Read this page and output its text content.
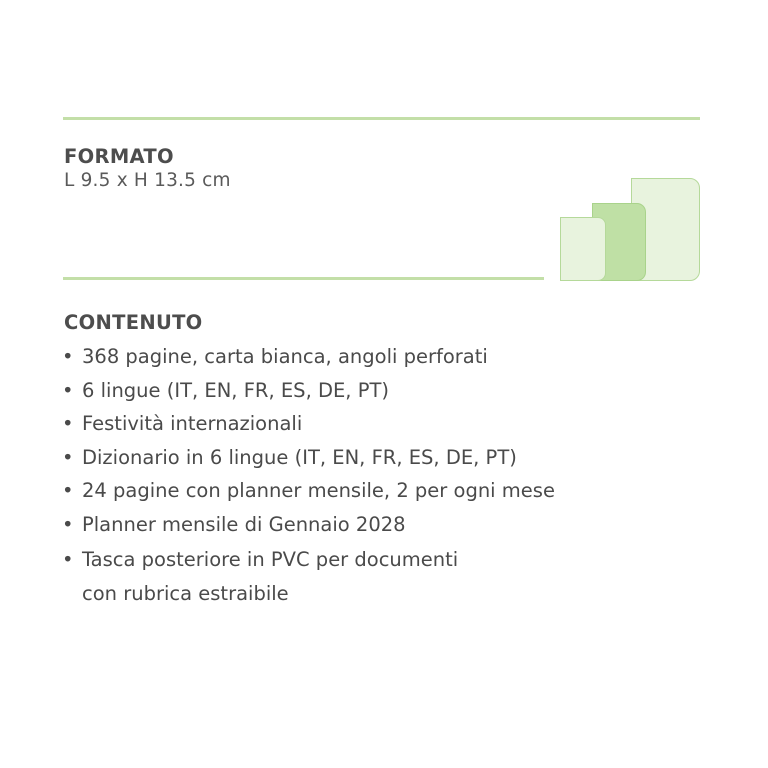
FORMATO

L 9.5 x H 13.5 cm

CONTENUTO
• 368 pagine, carta bianca, angoli perforati
• 6 lingue (IT, EN, FR, ES, DE, PT)
• Festività internazionali
• Dizionario in 6 lingue (IT, EN, FR, ES, DE, PT)
• 24 pagine con planner mensile, 2 per ogni mese
• Planner mensile di Gennaio 2028
• Tasca posteriore in PVC per documenti
con rubrica estraibile
